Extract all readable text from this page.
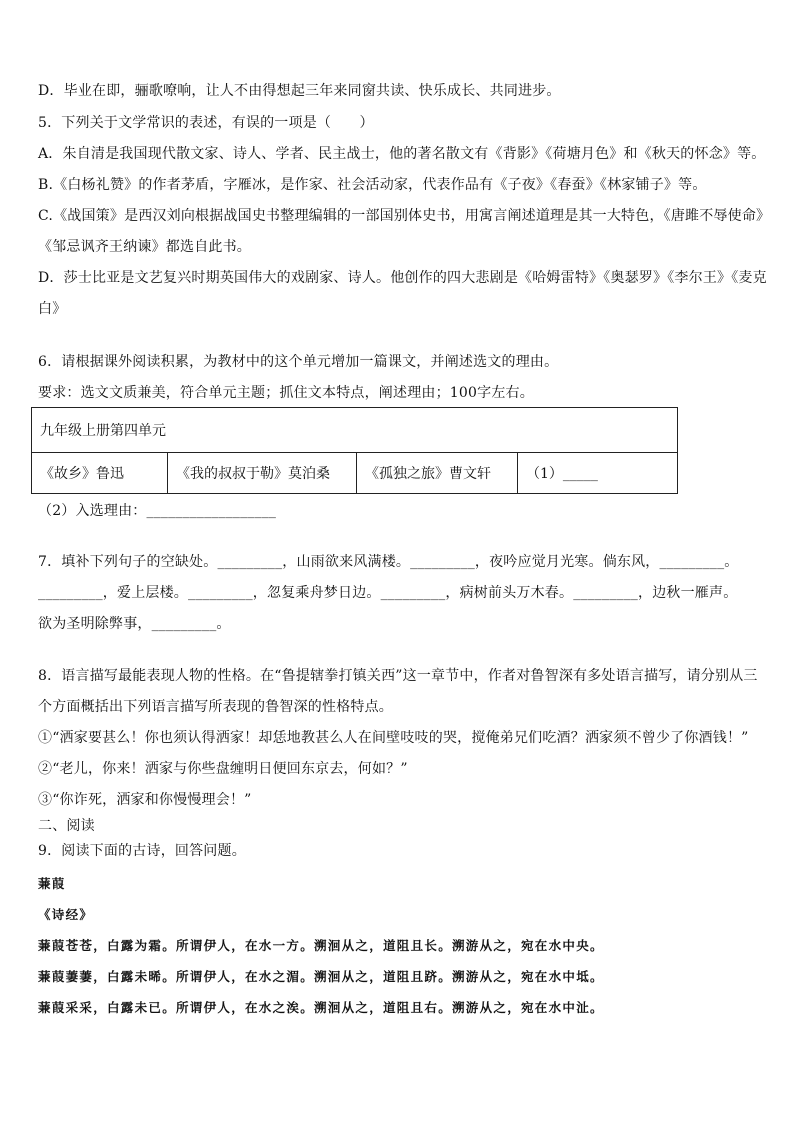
D．毕业在即，骊歌嘹响，让人不由得想起三年来同窗共读、快乐成长、共同进步。
5．下列关于文学常识的表述，有误的一项是（　　）
A．朱自清是我国现代散文家、诗人、学者、民主战士，他的著名散文有《背影》《荷塘月色》和《秋天的怀念》等。
B.《白杨礼赞》的作者茅盾，字雁冰，是作家、社会活动家，代表作品有《子夜》《春蚕》《林家铺子》等。
C.《战国策》是西汉刘向根据战国史书整理编辑的一部国别体史书，用寓言阐述道理是其一大特色，《唐雎不辱使命》
《邹忌讽齐王纳谏》都选自此书。
D．莎士比亚是文艺复兴时期英国伟大的戏剧家、诗人。他创作的四大悲剧是《哈姆雷特》《奥瑟罗》《李尔王》《麦克
白》
6．请根据课外阅读积累，为教材中的这个单元增加一篇课文，并阐述选文的理由。
要求：选文文质兼美，符合单元主题；抓住文本特点，阐述理由；100字左右。
九年级上册第四单元
《故乡》鲁迅	《我的叔叔于勒》莫泊桑	《孤独之旅》曹文轩	（1）_____
（2）入选理由：__________________
7．填补下列句子的空缺处。_________，山雨欲来风满楼。_________，夜吟应觉月光寒。倘东风，_________。
_________，爱上层楼。_________，忽复乘舟梦日边。_________，病树前头万木春。_________，边秋一雁声。
欲为圣明除弊事，_________。
8．语言描写最能表现人物的性格。在“鲁提辖拳打镇关西”这一章节中，作者对鲁智深有多处语言描写，请分别从三
个方面概括出下列语言描写所表现的鲁智深的性格特点。
①“洒家要甚么！你也须认得洒家！却恁地教甚么人在间壁吱吱的哭，搅俺弟兄们吃酒？洒家须不曾少了你酒钱！”
②“老儿，你来！洒家与你些盘缠明日便回东京去，何如？”
③“你诈死，洒家和你慢慢理会！”
二、阅读
9．阅读下面的古诗，回答问题。
蒹葭
《诗经》
蒹葭苍苍，白露为霜。所谓伊人，在水一方。溯洄从之，道阻且长。溯游从之，宛在水中央。
蒹葭萋萋，白露未晞。所谓伊人，在水之湄。溯洄从之，道阻且跻。溯游从之，宛在水中坻。
蒹葭采采，白露未已。所谓伊人，在水之涘。溯洄从之，道阻且右。溯游从之，宛在水中沚。
